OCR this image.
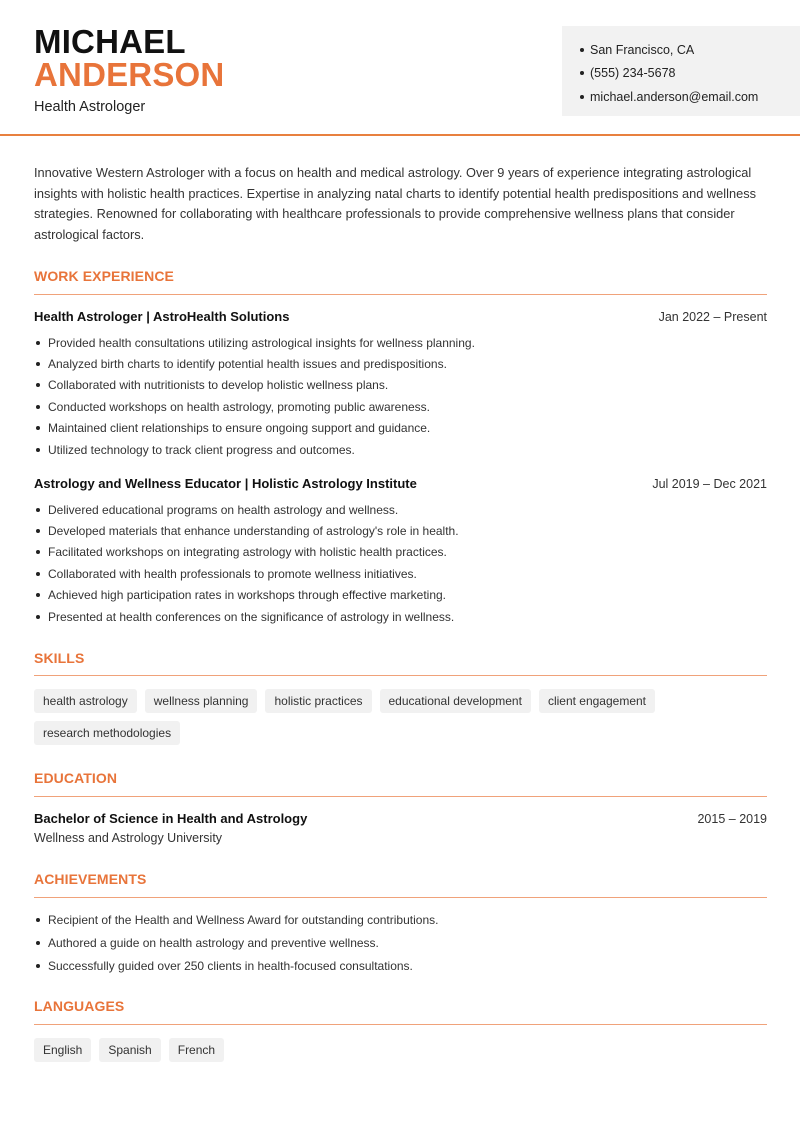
MICHAEL
ANDERSON
Health Astrologer
San Francisco, CA
(555) 234-5678
michael.anderson@email.com
Innovative Western Astrologer with a focus on health and medical astrology. Over 9 years of experience integrating astrological insights with holistic health practices. Expertise in analyzing natal charts to identify potential health predispositions and wellness strategies. Renowned for collaborating with healthcare professionals to provide comprehensive wellness plans that consider astrological factors.
WORK EXPERIENCE
Health Astrologer | AstroHealth Solutions	Jan 2022 – Present
Provided health consultations utilizing astrological insights for wellness planning.
Analyzed birth charts to identify potential health issues and predispositions.
Collaborated with nutritionists to develop holistic wellness plans.
Conducted workshops on health astrology, promoting public awareness.
Maintained client relationships to ensure ongoing support and guidance.
Utilized technology to track client progress and outcomes.
Astrology and Wellness Educator | Holistic Astrology Institute	Jul 2019 – Dec 2021
Delivered educational programs on health astrology and wellness.
Developed materials that enhance understanding of astrology's role in health.
Facilitated workshops on integrating astrology with holistic health practices.
Collaborated with health professionals to promote wellness initiatives.
Achieved high participation rates in workshops through effective marketing.
Presented at health conferences on the significance of astrology in wellness.
SKILLS
health astrology	wellness planning	holistic practices	educational development	client engagement
research methodologies
EDUCATION
Bachelor of Science in Health and Astrology	2015 – 2019
Wellness and Astrology University
ACHIEVEMENTS
Recipient of the Health and Wellness Award for outstanding contributions.
Authored a guide on health astrology and preventive wellness.
Successfully guided over 250 clients in health-focused consultations.
LANGUAGES
English	Spanish	French
